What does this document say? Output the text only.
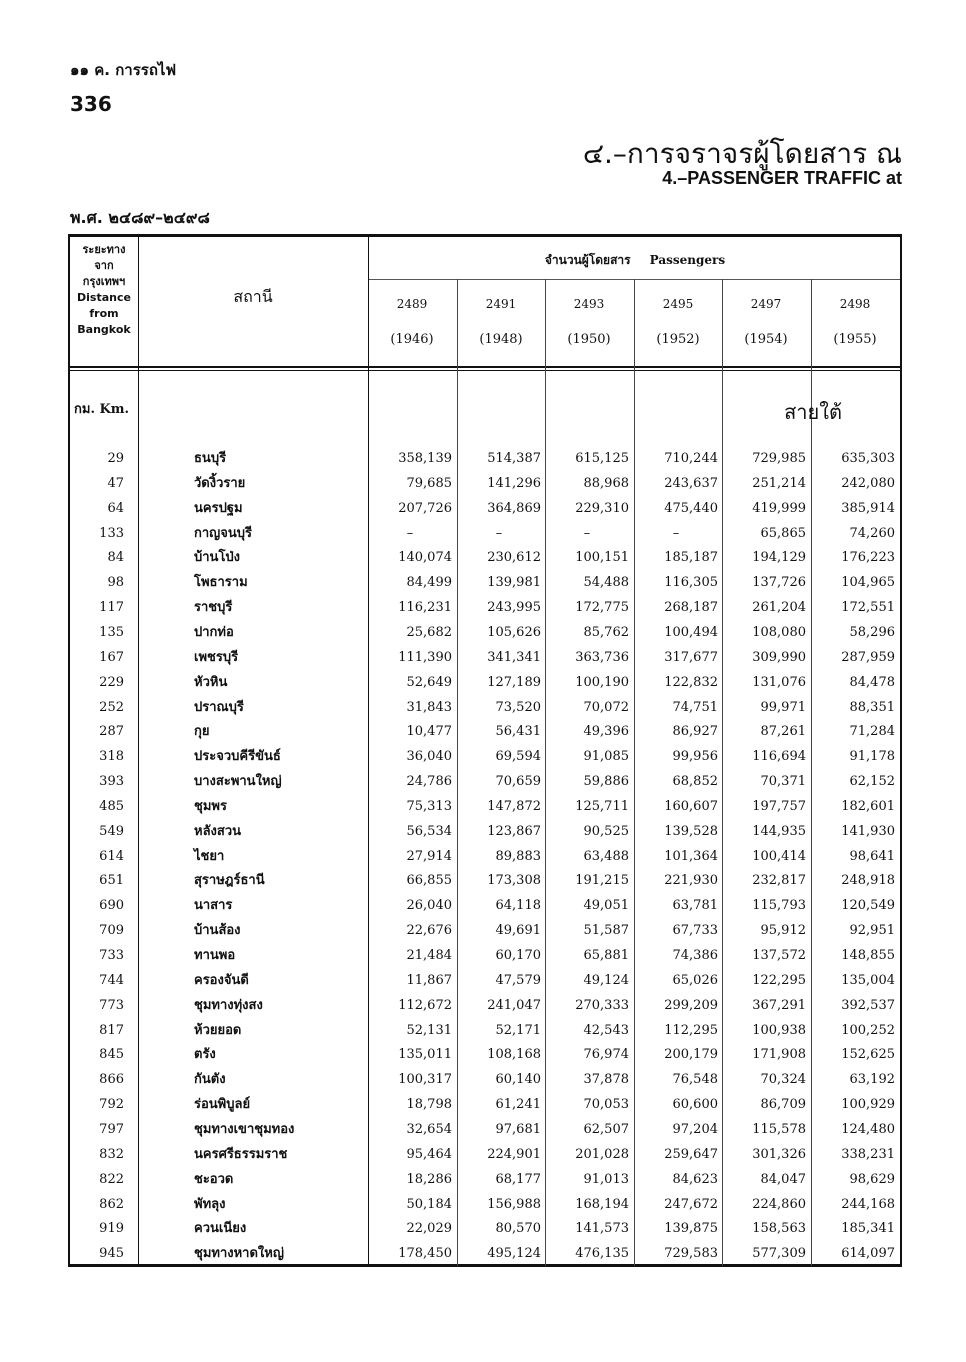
๑๑ ค. การรถไฟ
336
๔.–การจราจรผู้โดยสาร ณ
4.–PASSENGER TRAFFIC at
พ.ศ. ๒๔๘๙–๒๔๙๘
ระยะทาง
จาก
กรุงเทพฯ
Distance
from
Bangkok
สถานี
จำนวนผู้โดยสาร Passengers
2489
(1946)
2491
(1948)
2493
(1950)
2495
(1952)
2497
(1954)
2498
(1955)
กม. Km.	สายใต้
29	ธนบุรี	358,139	514,387	615,125	710,244	729,985	635,303
47	วัดงิ้วราย	79,685	141,296	88,968	243,637	251,214	242,080
64	นครปฐม	207,726	364,869	229,310	475,440	419,999	385,914
133	กาญจนบุรี	–	–	–	–	65,865	74,260
84	บ้านโป่ง	140,074	230,612	100,151	185,187	194,129	176,223
98	โพธาราม	84,499	139,981	54,488	116,305	137,726	104,965
117	ราชบุรี	116,231	243,995	172,775	268,187	261,204	172,551
135	ปากท่อ	25,682	105,626	85,762	100,494	108,080	58,296
167	เพชรบุรี	111,390	341,341	363,736	317,677	309,990	287,959
229	หัวหิน	52,649	127,189	100,190	122,832	131,076	84,478
252	ปราณบุรี	31,843	73,520	70,072	74,751	99,971	88,351
287	กุย	10,477	56,431	49,396	86,927	87,261	71,284
318	ประจวบคีรีขันธ์	36,040	69,594	91,085	99,956	116,694	91,178
393	บางสะพานใหญ่	24,786	70,659	59,886	68,852	70,371	62,152
485	ชุมพร	75,313	147,872	125,711	160,607	197,757	182,601
549	หลังสวน	56,534	123,867	90,525	139,528	144,935	141,930
614	ไชยา	27,914	89,883	63,488	101,364	100,414	98,641
651	สุราษฎร์ธานี	66,855	173,308	191,215	221,930	232,817	248,918
690	นาสาร	26,040	64,118	49,051	63,781	115,793	120,549
709	บ้านส้อง	22,676	49,691	51,587	67,733	95,912	92,951
733	ทานพอ	21,484	60,170	65,881	74,386	137,572	148,855
744	ครองจันดี	11,867	47,579	49,124	65,026	122,295	135,004
773	ชุมทางทุ่งสง	112,672	241,047	270,333	299,209	367,291	392,537
817	ห้วยยอด	52,131	52,171	42,543	112,295	100,938	100,252
845	ตรัง	135,011	108,168	76,974	200,179	171,908	152,625
866	กันตัง	100,317	60,140	37,878	76,548	70,324	63,192
792	ร่อนพิบูลย์	18,798	61,241	70,053	60,600	86,709	100,929
797	ชุมทางเขาชุมทอง	32,654	97,681	62,507	97,204	115,578	124,480
832	นครศรีธรรมราช	95,464	224,901	201,028	259,647	301,326	338,231
822	ชะอวด	18,286	68,177	91,013	84,623	84,047	98,629
862	พัทลุง	50,184	156,988	168,194	247,672	224,860	244,168
919	ควนเนียง	22,029	80,570	141,573	139,875	158,563	185,341
945	ชุมทางหาดใหญ่	178,450	495,124	476,135	729,583	577,309	614,097
